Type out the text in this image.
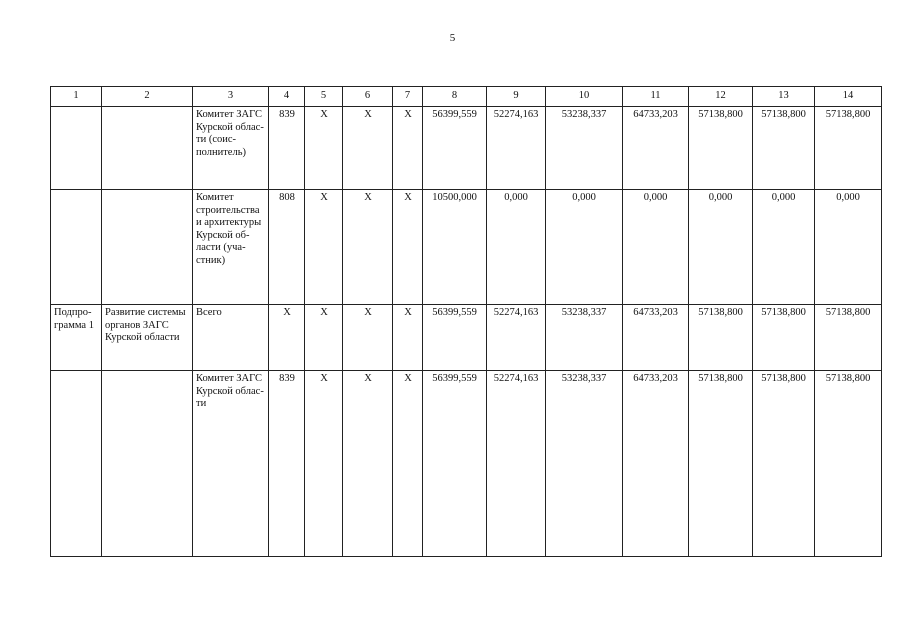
5
1	2	3	4	5	6	7	8	9	10	11	12	13	14
		Комитет ЗАГС Курской области (соисполнитель)	839	X	X	X	56399,559	52274,163	53238,337	64733,203	57138,800	57138,800	57138,800
		Комитет строительства и архитектуры Курской области (участник)	808	X	X	X	10500,000	0,000	0,000	0,000	0,000	0,000	0,000
Подпрограмма 1	Развитие системы органов ЗАГС Курской области	Всего	X	X	X	X	56399,559	52274,163	53238,337	64733,203	57138,800	57138,800	57138,800
		Комитет ЗАГС Курской области	839	X	X	X	56399,559	52274,163	53238,337	64733,203	57138,800	57138,800	57138,800
